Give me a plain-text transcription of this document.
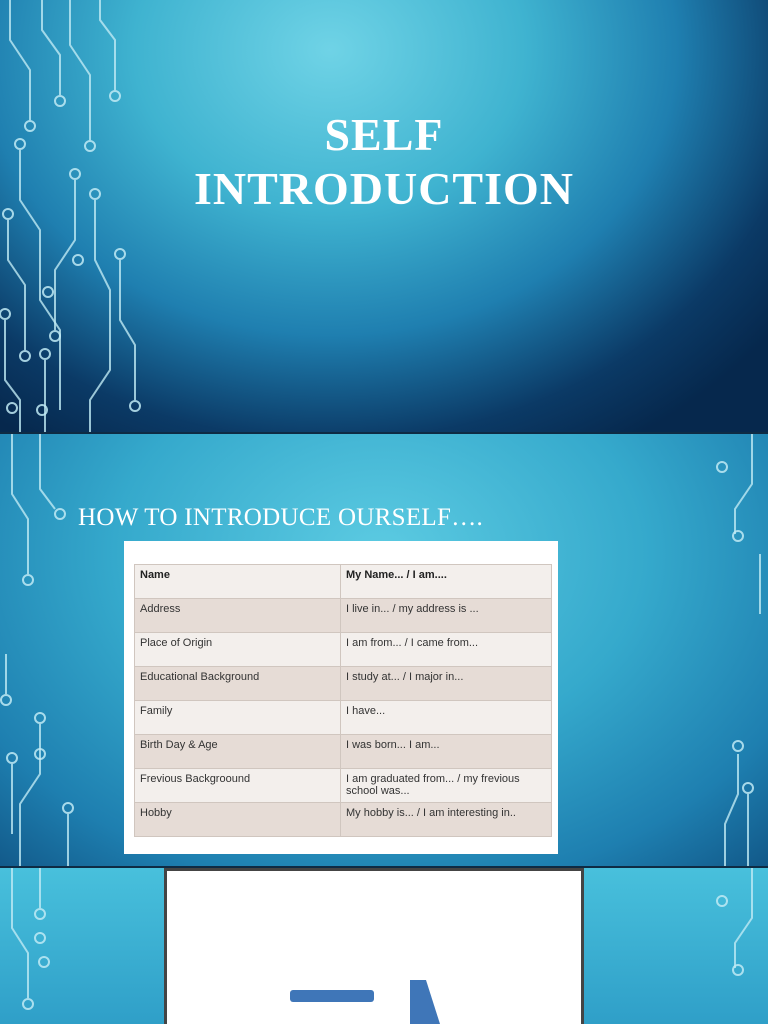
SELF
INTRODUCTION
HOW TO INTRODUCE OURSELF….
Name	My Name... / I am....
Address	I live in... / my address is ...
Place of Origin	I am from... / I came from...
Educational Background	I study at... / I major in...
Family	I have...
Birth Day & Age	I was born... I am...
Frevious Backgroound	I am graduated from... / my frevious school was...
Hobby	My hobby is... / I am interesting in..
